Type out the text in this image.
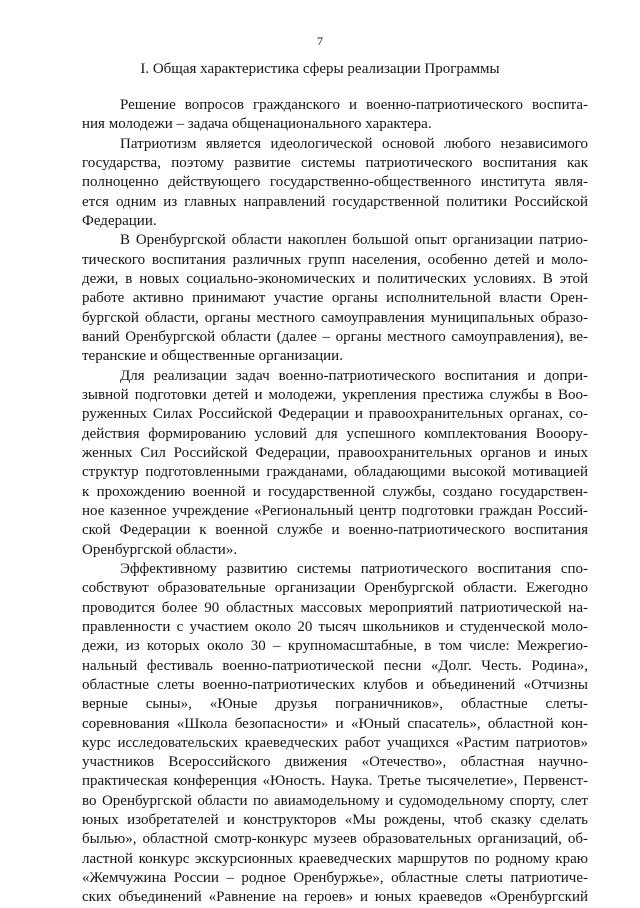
7
I. Общая характеристика сферы реализации Программы
Решение вопросов гражданского и военно-патриотического воспита-
ния молодежи – задача общенационального характера.
Патриотизм является идеологической основой любого независимого
государства, поэтому развитие системы патриотического воспитания как
полноценно действующего государственно-общественного института явля-
ется одним из главных направлений государственной политики Российской
Федерации.
В Оренбургской области накоплен большой опыт организации патрио-
тического воспитания различных групп населения, особенно детей и моло-
дежи, в новых социально-экономических и политических условиях. В этой
работе активно принимают участие органы исполнительной власти Орен-
бургской области, органы местного самоуправления муниципальных образо-
ваний Оренбургской области (далее – органы местного самоуправления), ве-
теранские и общественные организации.
Для реализации задач военно-патриотического воспитания и допри-
зывной подготовки детей и молодежи, укрепления престижа службы в Воо-
руженных Силах Российской Федерации и правоохранительных органах, со-
действия формированию условий для успешного комплектования Вооору-
женных Сил Российской Федерации, правоохранительных органов и иных
структур подготовленными гражданами, обладающими высокой мотивацией
к прохождению военной и государственной службы, создано государствен-
ное казенное учреждение «Региональный центр подготовки граждан Россий-
ской Федерации к военной службе и военно-патриотического воспитания
Оренбургской области».
Эффективному развитию системы патриотического воспитания спо-
собствуют образовательные организации Оренбургской области. Ежегодно
проводится более 90 областных массовых мероприятий патриотической на-
правленности с участием около 20 тысяч школьников и студенческой моло-
дежи, из которых около 30 – крупномасштабные, в том числе: Межрегио-
нальный фестиваль военно-патриотической песни «Долг. Честь. Родина»,
областные слеты военно-патриотических клубов и объединений «Отчизны
верные сыны», «Юные друзья пограничников», областные слеты-
соревнования «Школа безопасности» и «Юный спасатель», областной кон-
курс исследовательских краеведческих работ учащихся «Растим патриотов»
участников Всероссийского движения «Отечество», областная научно-
практическая конференция «Юность. Наука. Третье тысячелетие», Первенст-
во Оренбургской области по авиамодельному и судомодельному спорту, слет
юных изобретателей и конструкторов «Мы рождены, чтоб сказку сделать
былью», областной смотр-конкурс музеев образовательных организаций, об-
ластной конкурс экскурсионных краеведческих маршрутов по родному краю
«Жемчужина России – родное Оренбуржье», областные слеты патриотиче-
ских объединений «Равнение на героев» и юных краеведов «Оренбургский
